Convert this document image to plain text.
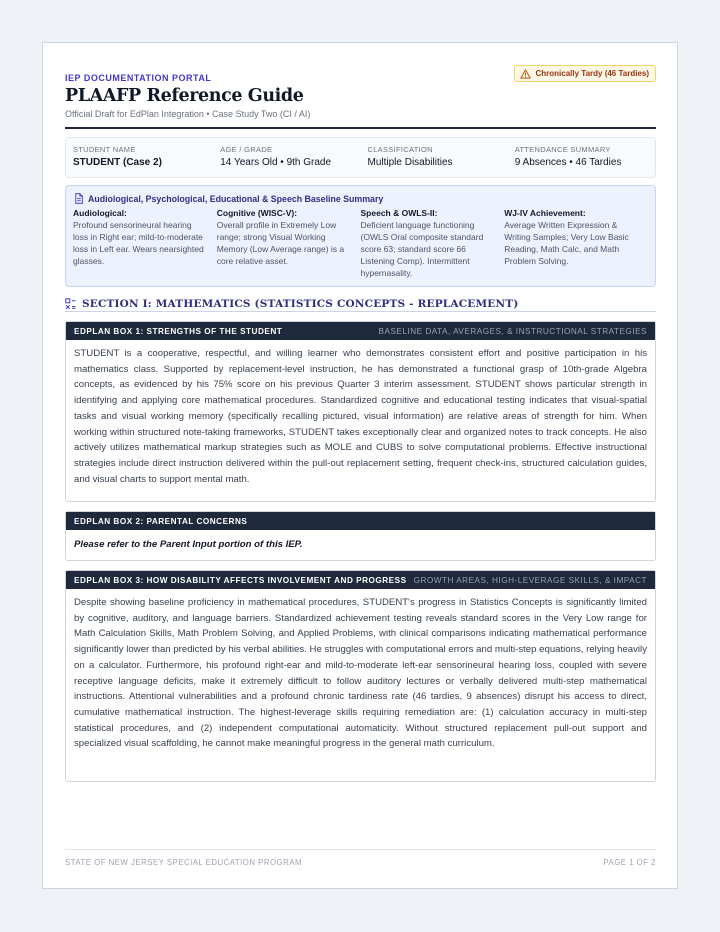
IEP DOCUMENTATION PORTAL	Chronically Tardy (46 Tardies)
PLAAFP Reference Guide
Official Draft for EdPlan Integration • Case Study Two (CI / AI)
STUDENT NAME
STUDENT (Case 2)
AGE / GRADE
14 Years Old • 9th Grade
CLASSIFICATION
Multiple Disabilities
ATTENDANCE SUMMARY
9 Absences • 46 Tardies
Audiological, Psychological, Educational & Speech Baseline Summary
Audiological:
Profound sensorineural hearing loss in Right ear; mild-to-moderate loss in Left ear. Wears nearsighted glasses.
Cognitive (WISC-V):
Overall profile in Extremely Low range; strong Visual Working Memory (Low Average range) is a core relative asset.
Speech & OWLS-II:
Deficient language functioning (OWLS Oral composite standard score 63; standard score 66 Listening Comp). Intermittent hypernasality.
WJ-IV Achievement:
Average Written Expression & Writing Samples; Very Low Basic Reading, Math Calc, and Math Problem Solving.
SECTION I: MATHEMATICS (STATISTICS CONCEPTS - REPLACEMENT)
EDPLAN BOX 1: STRENGTHS OF THE STUDENT	BASELINE DATA, AVERAGES, & INSTRUCTIONAL STRATEGIES
STUDENT is a cooperative, respectful, and willing learner who demonstrates consistent effort and positive participation in his mathematics class. Supported by replacement-level instruction, he has demonstrated a functional grasp of 10th-grade Algebra concepts, as evidenced by his 75% score on his previous Quarter 3 interim assessment. STUDENT shows particular strength in identifying and applying core mathematical procedures. Standardized cognitive and educational testing indicates that visual-spatial tasks and visual working memory (specifically recalling pictured, visual information) are relative areas of strength for him. When working within structured note-taking frameworks, STUDENT takes exceptionally clear and organized notes to track concepts. He also actively utilizes mathematical markup strategies such as MOLE and CUBS to solve computational problems. Effective instructional strategies include direct instruction delivered within the pull-out replacement setting, frequent check-ins, structured calculation guides, and visual charts to support mental math.
EDPLAN BOX 2: PARENTAL CONCERNS
Please refer to the Parent Input portion of this IEP.
EDPLAN BOX 3: HOW DISABILITY AFFECTS INVOLVEMENT AND PROGRESS GROWTH AREAS, HIGH-LEVERAGE SKILLS, & IMPACT
Despite showing baseline proficiency in mathematical procedures, STUDENT's progress in Statistics Concepts is significantly limited by cognitive, auditory, and language barriers. Standardized achievement testing reveals standard scores in the Very Low range for Math Calculation Skills, Math Problem Solving, and Applied Problems, with clinical comparisons indicating mathematical performance significantly lower than predicted by his verbal abilities. He struggles with computational errors and multi-step equations, relying heavily on a calculator. Furthermore, his profound right-ear and mild-to-moderate left-ear sensorineural hearing loss, coupled with severe receptive language deficits, make it extremely difficult to follow auditory lectures or verbally delivered multi-step mathematical instructions. Attentional vulnerabilities and a profound chronic tardiness rate (46 tardies, 9 absences) disrupt his access to direct, cumulative mathematical instruction. The highest-leverage skills requiring remediation are: (1) calculation accuracy in multi-step statistical procedures, and (2) independent computational automaticity. Without structured replacement pull-out support and specialized visual scaffolding, he cannot make meaningful progress in the general math curriculum.
STATE OF NEW JERSEY SPECIAL EDUCATION PROGRAM	PAGE 1 OF 2
